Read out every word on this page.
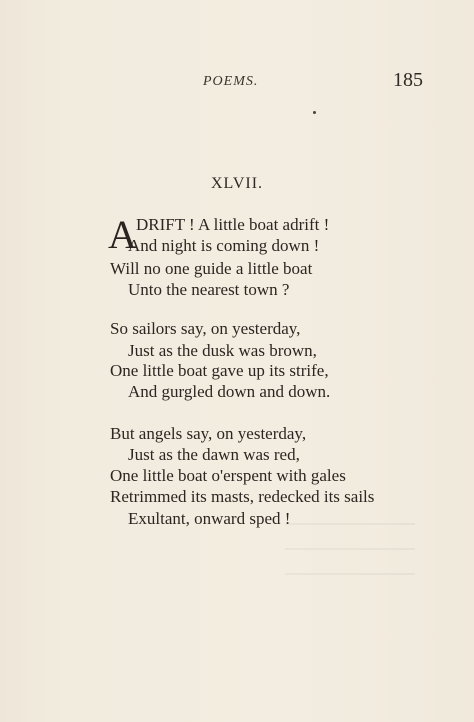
POEMS.	185
XLVII.
A DRIFT ! A little boat adrift !
And night is coming down !
Will no one guide a little boat
Unto the nearest town ?
So sailors say, on yesterday,
Just as the dusk was brown,
One little boat gave up its strife,
And gurgled down and down.
But angels say, on yesterday,
Just as the dawn was red,
One little boat o'erspent with gales
Retrimmed its masts, redecked its sails
Exultant, onward sped !
